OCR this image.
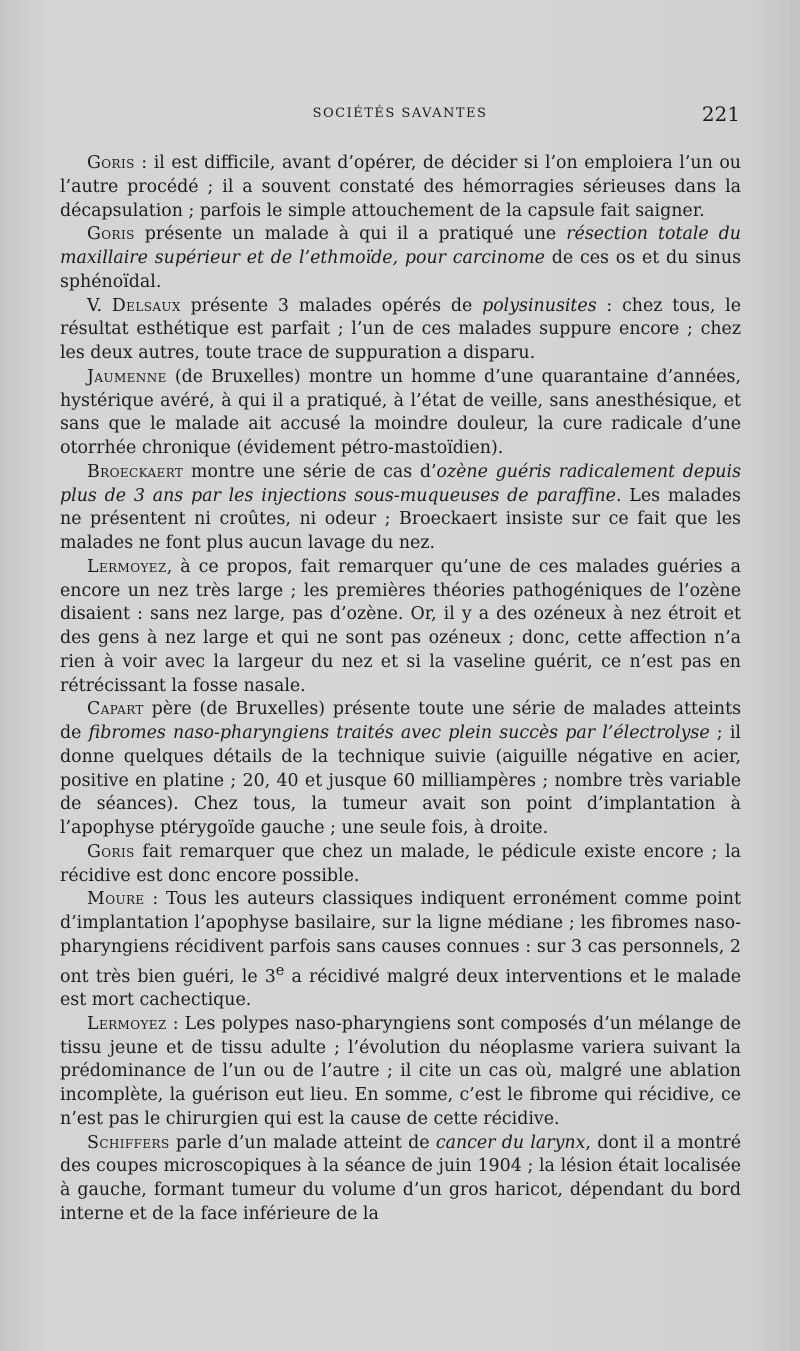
SOCIÉTÉS SAVANTES	221

Goris : il est difficile, avant d’opérer, de décider si l’on emploiera l’un ou l’autre procédé ; il a souvent constaté des hémorragies sérieuses dans la décapsulation ; parfois le simple attouchement de la capsule fait saigner.

Goris présente un malade à qui il a pratiqué une résection totale du maxillaire supérieur et de l’ethmoïde, pour carcinome de ces os et du sinus sphénoïdal.

V. Delsaux présente 3 malades opérés de polysinusites : chez tous, le résultat esthétique est parfait ; l’un de ces malades suppure encore ; chez les deux autres, toute trace de suppuration a disparu.

Jaumenne (de Bruxelles) montre un homme d’une quarantaine d’années, hystérique avéré, à qui il a pratiqué, à l’état de veille, sans anesthésique, et sans que le malade ait accusé la moindre douleur, la cure radicale d’une otorrhée chronique (évidement pétro-mastoïdien).

Broeckaert montre une série de cas d’ozène guéris radicalement depuis plus de 3 ans par les injections sous-muqueuses de paraffine. Les malades ne présentent ni croûtes, ni odeur ; Broeckaert insiste sur ce fait que les malades ne font plus aucun lavage du nez.

Lermoyez, à ce propos, fait remarquer qu’une de ces malades guéries a encore un nez très large ; les premières théories pathogéniques de l’ozène disaient : sans nez large, pas d’ozène. Or, il y a des ozéneux à nez étroit et des gens à nez large et qui ne sont pas ozéneux ; donc, cette affection n’a rien à voir avec la largeur du nez et si la vaseline guérit, ce n’est pas en rétrécissant la fosse nasale.

Capart père (de Bruxelles) présente toute une série de malades atteints de fibromes naso-pharyngiens traités avec plein succès par l’électrolyse ; il donne quelques détails de la technique suivie (aiguille négative en acier, positive en platine ; 20, 40 et jusque 60 milliampères ; nombre très variable de séances). Chez tous, la tumeur avait son point d’implantation à l’apophyse ptérygoïde gauche ; une seule fois, à droite.

Goris fait remarquer que chez un malade, le pédicule existe encore ; la récidive est donc encore possible.

Moure : Tous les auteurs classiques indiquent erronément comme point d’implantation l’apophyse basilaire, sur la ligne médiane ; les fibromes naso-pharyngiens récidivent parfois sans causes connues : sur 3 cas personnels, 2 ont très bien guéri, le 3e a récidivé malgré deux interventions et le malade est mort cachectique.

Lermoyez : Les polypes naso-pharyngiens sont composés d’un mélange de tissu jeune et de tissu adulte ; l’évolution du néoplasme variera suivant la prédominance de l’un ou de l’autre ; il cite un cas où, malgré une ablation incomplète, la guérison eut lieu. En somme, c’est le fibrome qui récidive, ce n’est pas le chirurgien qui est la cause de cette récidive.

Schiffers parle d’un malade atteint de cancer du larynx, dont il a montré des coupes microscopiques à la séance de juin 1904 ; la lésion était localisée à gauche, formant tumeur du volume d’un gros haricot, dépendant du bord interne et de la face inférieure de la
